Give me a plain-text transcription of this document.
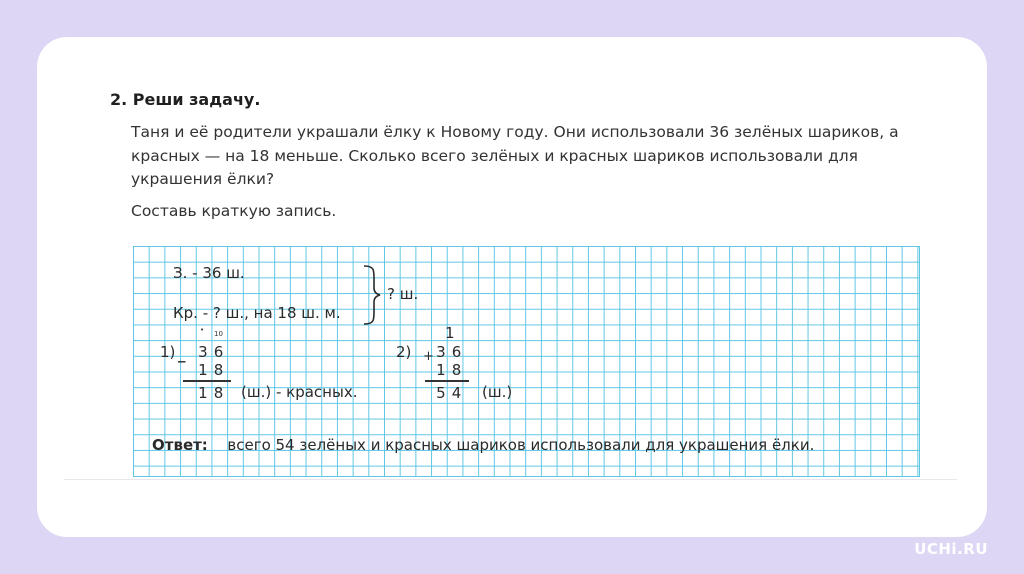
2. Реши задачу.
Таня и её родители украшали ёлку к Новому году. Они использовали 36 зелёных шариков, а красных — на 18 меньше. Сколько всего зелёных и красных шариков использовали для украшения ёлки?
Составь краткую запись.
З. - 36 ш.
Кр. - ? ш., на 18 ш. м.
? ш.
1) _
• 10
3 6
1 8
1 8 (ш.) - красных.
2)
1
+ 3 6
1 8
5 4 (ш.)
Ответ: всего 54 зелёных и красных шариков использовали для украшения ёлки.
UCHi.RU
